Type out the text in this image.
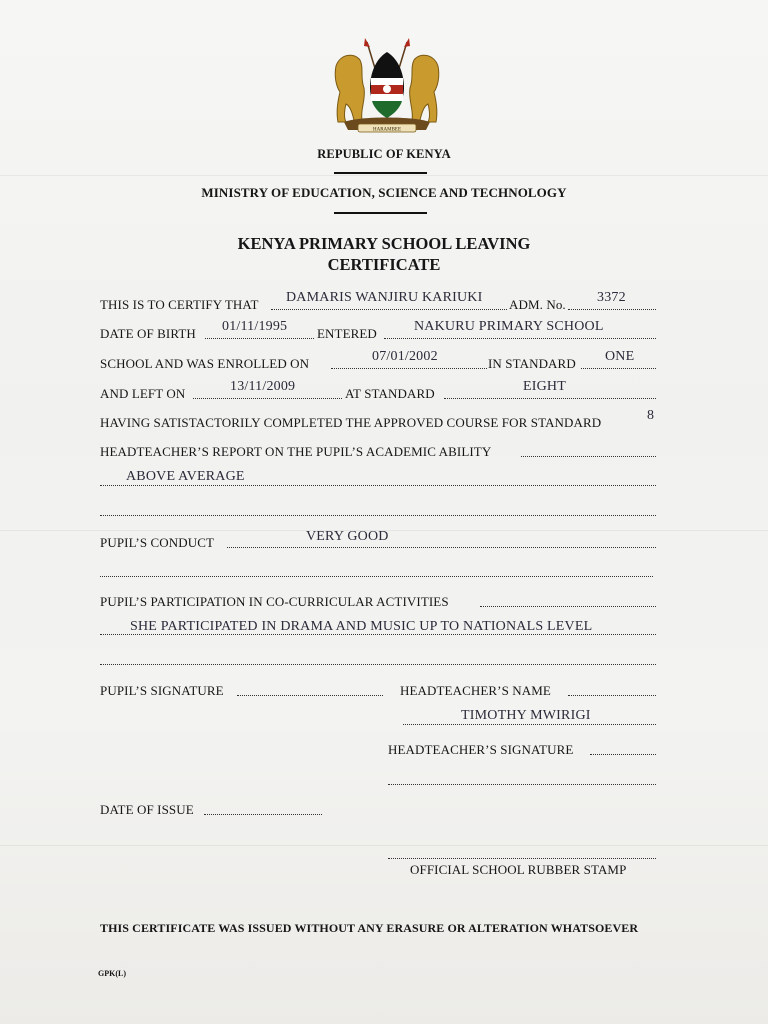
HARAMBEE
REPUBLIC OF KENYA
MINISTRY OF EDUCATION, SCIENCE AND TECHNOLOGY
KENYA PRIMARY SCHOOL LEAVING
CERTIFICATE
THIS IS TO CERTIFY THAT DAMARIS WANJIRU KARIUKI ADM. No. 3372
DATE OF BIRTH 01/11/1995 ENTERED	NAKURU PRIMARY SCHOOL
SCHOOL AND WAS ENROLLED ON	07/01/2002	IN STANDARD ONE
AND LEFT ON	13/11/2009	AT STANDARD	EIGHT
HAVING SATISTACTORILY COMPLETED THE APPROVED COURSE FOR STANDARD	8
HEADTEACHER’S REPORT ON THE PUPIL’S ACADEMIC ABILITY
ABOVE AVERAGE
PUPIL’S CONDUCT	VERY GOOD
PUPIL’S PARTICIPATION IN CO-CURRICULAR ACTIVITIES
SHE PARTICIPATED IN DRAMA AND MUSIC UP TO NATIONALS LEVEL
PUPIL’S SIGNATURE	HEADTEACHER’S NAME
TIMOTHY MWIRIGI
HEADTEACHER’S SIGNATURE
DATE OF ISSUE
OFFICIAL SCHOOL RUBBER STAMP
THIS CERTIFICATE WAS ISSUED WITHOUT ANY ERASURE OR ALTERATION WHATSOEVER
GPK(L)
